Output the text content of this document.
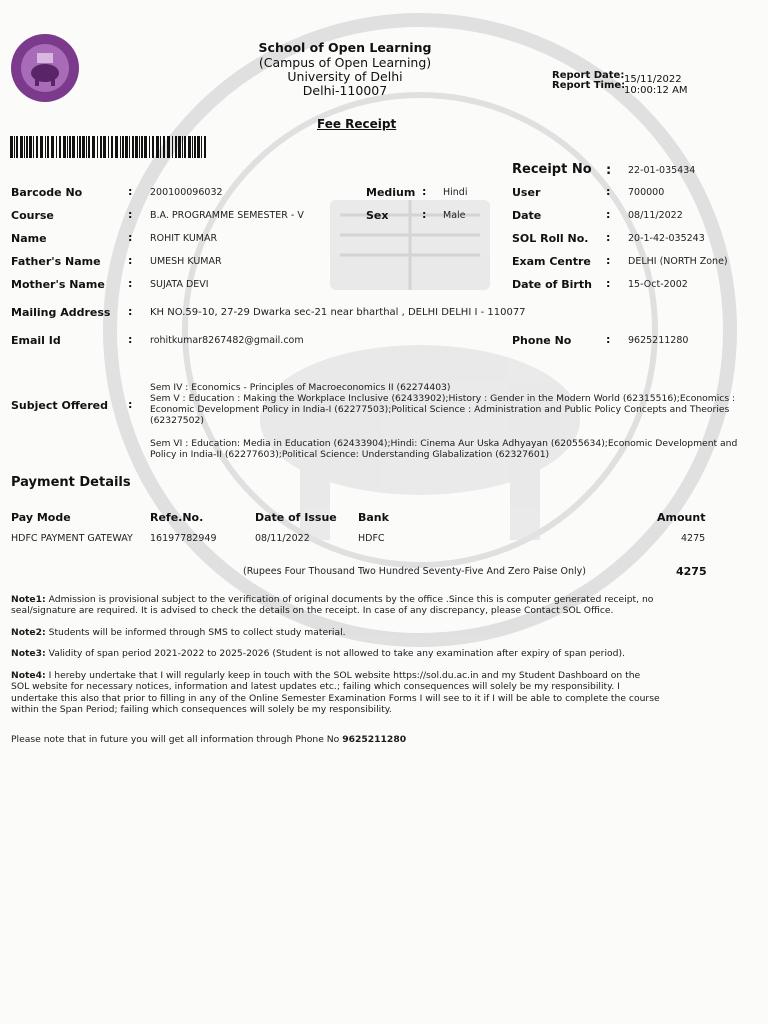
School of Open Learning
(Campus of Open Learning)
University of Delhi
Delhi-110007
Report Date: 15/11/2022
Report Time:
10:00:12 AM
Fee Receipt
Receipt No : 22-01-035434
Barcode No	: 200100096032
Course	: B.A. PROGRAMME SEMESTER - V
Name	: ROHIT KUMAR
Father's Name : UMESH KUMAR
Mother's Name : SUJATA DEVI
Mailing Address : KH NO.59-10, 27-29 Dwarka sec-21 near bharthal , DELHI DELHI I - 110077
Email Id	: rohitkumar8267482@gmail.com
Medium : Hindi
Sex	: Male
User	: 700000
Date	: 08/11/2022
SOL Roll No. : 20-1-42-035243
Exam Centre : DELHI (NORTH Zone)
Date of Birth : 15-Oct-2002
Phone No	: 9625211280
Subject Offered :
Sem IV : Economics - Principles of Macroeconomics II (62274403)
Sem V : Education : Making the Workplace Inclusive (62433902);History : Gender in the Modern World (62315516);Economics :
Economic Development Policy in India-I (62277503);Political Science : Administration and Public Policy Concepts and Theories
(62327502)
Sem VI : Education: Media in Education (62433904);Hindi: Cinema Aur Uska Adhyayan (62055634);Economic Development and
Policy in India-II (62277603);Political Science: Understanding Glabalization (62327601)
Payment Details
Pay Mode	Refe.No.	Date of Issue Bank	Amount
HDFC PAYMENT GATEWAY 16197782949	08/11/2022	HDFC	4275
(Rupees Four Thousand Two Hundred Seventy-Five And Zero Paise Only)	4275
Note1: Admission is provisional subject to the verification of original documents by the office .Since this is computer generated receipt, no
seal/signature are required. It is advised to check the details on the receipt. In case of any discrepancy, please Contact SOL Office.
Note2: Students will be informed through SMS to collect study material.
Note3: Validity of span period 2021-2022 to 2025-2026 (Student is not allowed to take any examination after expiry of span period).
Note4: I hereby undertake that I will regularly keep in touch with the SOL website https://sol.du.ac.in and my Student Dashboard on the
SOL website for necessary notices, information and latest updates etc.; failing which consequences will solely be my responsibility. I
undertake this also that prior to filling in any of the Online Semester Examination Forms I will see to it if I will be able to complete the course
within the Span Period; failing which consequences will solely be my responsibility.
Please note that in future you will get all information through Phone No 9625211280
